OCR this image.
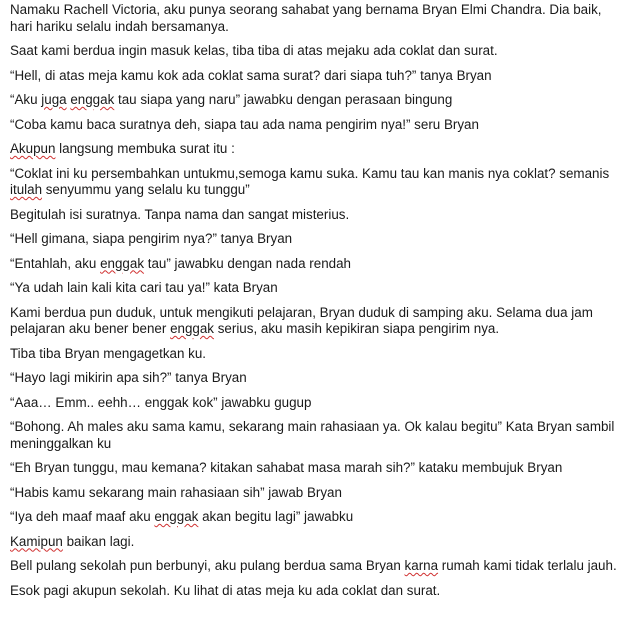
Namaku Rachell Victoria, aku punya seorang sahabat yang bernama Bryan Elmi Chandra. Dia baik, hari hariku selalu indah bersamanya.

Saat kami berdua ingin masuk kelas, tiba tiba di atas mejaku ada coklat dan surat.

“Hell, di atas meja kamu kok ada coklat sama surat? dari siapa tuh?” tanya Bryan

“Aku juga enggak tau siapa yang naru” jawabku dengan perasaan bingung

“Coba kamu baca suratnya deh, siapa tau ada nama pengirim nya!” seru Bryan

Akupun langsung membuka surat itu :

“Coklat ini ku persembahkan untukmu,semoga kamu suka. Kamu tau kan manis nya coklat? semanis itulah senyummu yang selalu ku tunggu”

Begitulah isi suratnya. Tanpa nama dan sangat misterius.

“Hell gimana, siapa pengirim nya?” tanya Bryan

“Entahlah, aku enggak tau” jawabku dengan nada rendah

“Ya udah lain kali kita cari tau ya!” kata Bryan

Kami berdua pun duduk, untuk mengikuti pelajaran, Bryan duduk di samping aku. Selama dua jam pelajaran aku bener bener enggak serius, aku masih kepikiran siapa pengirim nya.

Tiba tiba Bryan mengagetkan ku.

“Hayo lagi mikirin apa sih?” tanya Bryan

“Aaa… Emm.. eehh… enggak kok” jawabku gugup

“Bohong. Ah males aku sama kamu, sekarang main rahasiaan ya. Ok kalau begitu” Kata Bryan sambil meninggalkan ku

“Eh Bryan tunggu, mau kemana? kitakan sahabat masa marah sih?” kataku membujuk Bryan

“Habis kamu sekarang main rahasiaan sih” jawab Bryan

“Iya deh maaf maaf aku enggak akan begitu lagi” jawabku

Kamipun baikan lagi.

Bell pulang sekolah pun berbunyi, aku pulang berdua sama Bryan karna rumah kami tidak terlalu jauh.

Esok pagi akupun sekolah. Ku lihat di atas meja ku ada coklat dan surat.
